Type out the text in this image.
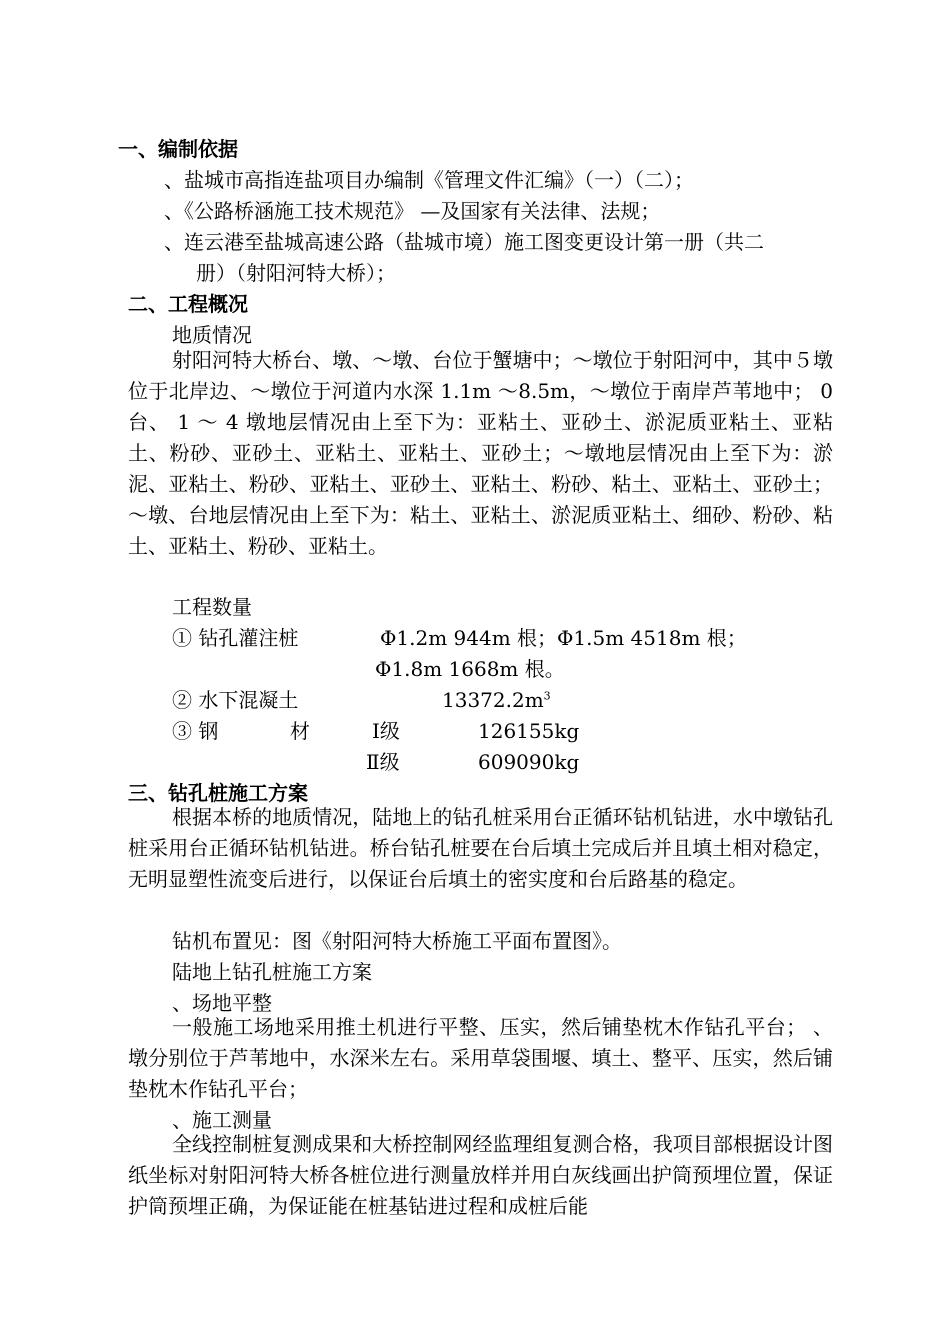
一、编制依据
、盐城市高指连盐项目办编制《管理文件汇编》（一）（二）；
、《公路桥涵施工技术规范》 —及国家有关法律、法规；
、连云港至盐城高速公路（盐城市境）施工图变更设计第一册（共二
册）（射阳河特大桥）；
二、工程概况
地质情况

射阳河特大桥台、墩、～墩、台位于蟹塘中；～墩位于射阳河中，其中５墩位于北岸边、～墩位于河道内水深 1.1m ～8.5m，～墩位于南岸芦苇地中； 0 台、 1 ～ 4 墩地层情况由上至下为：亚粘土、亚砂土、淤泥质亚粘土、亚粘土、粉砂、亚砂土、亚粘土、亚粘土、亚砂土；～墩地层情况由上至下为：淤泥、亚粘土、粉砂、亚粘土、亚砂土、亚粘土、粉砂、粘土、亚粘土、亚砂土；～墩、台地层情况由上至下为：粘土、亚粘土、淤泥质亚粘土、细砂、粉砂、粘土、亚粘土、粉砂、亚粘土。

工程数量
① 钻孔灌注桩	Φ1.2m 944m 根；Φ1.5m 4518m 根；
Φ1.8m 1668m 根。
② 水下混凝土	$13372.2m^3$
③ 钢	材	Ⅰ级	126155kg
Ⅱ级	609090kg
三、钻孔桩施工方案

根据本桥的地质情况，陆地上的钻孔桩采用台正循环钻机钻进，水中墩钻孔桩采用台正循环钻机钻进。桥台钻孔桩要在台后填土完成后并且填土相对稳定，无明显塑性流变后进行，以保证台后填土的密实度和台后路基的稳定。

钻机布置见：图《射阳河特大桥施工平面布置图》。
陆地上钻孔桩施工方案
、场地平整

一般施工场地采用推土机进行平整、压实，然后铺垫枕木作钻孔平台； 、墩分别位于芦苇地中，水深米左右。采用草袋围堰、填土、整平、压实，然后铺垫枕木作钻孔平台；

、施工测量

全线控制桩复测成果和大桥控制网经监理组复测合格，我项目部根据设计图纸坐标对射阳河特大桥各桩位进行测量放样并用白灰线画出护筒预埋位置，保证护筒预埋正确，为保证能在桩基钻进过程和成桩后能
